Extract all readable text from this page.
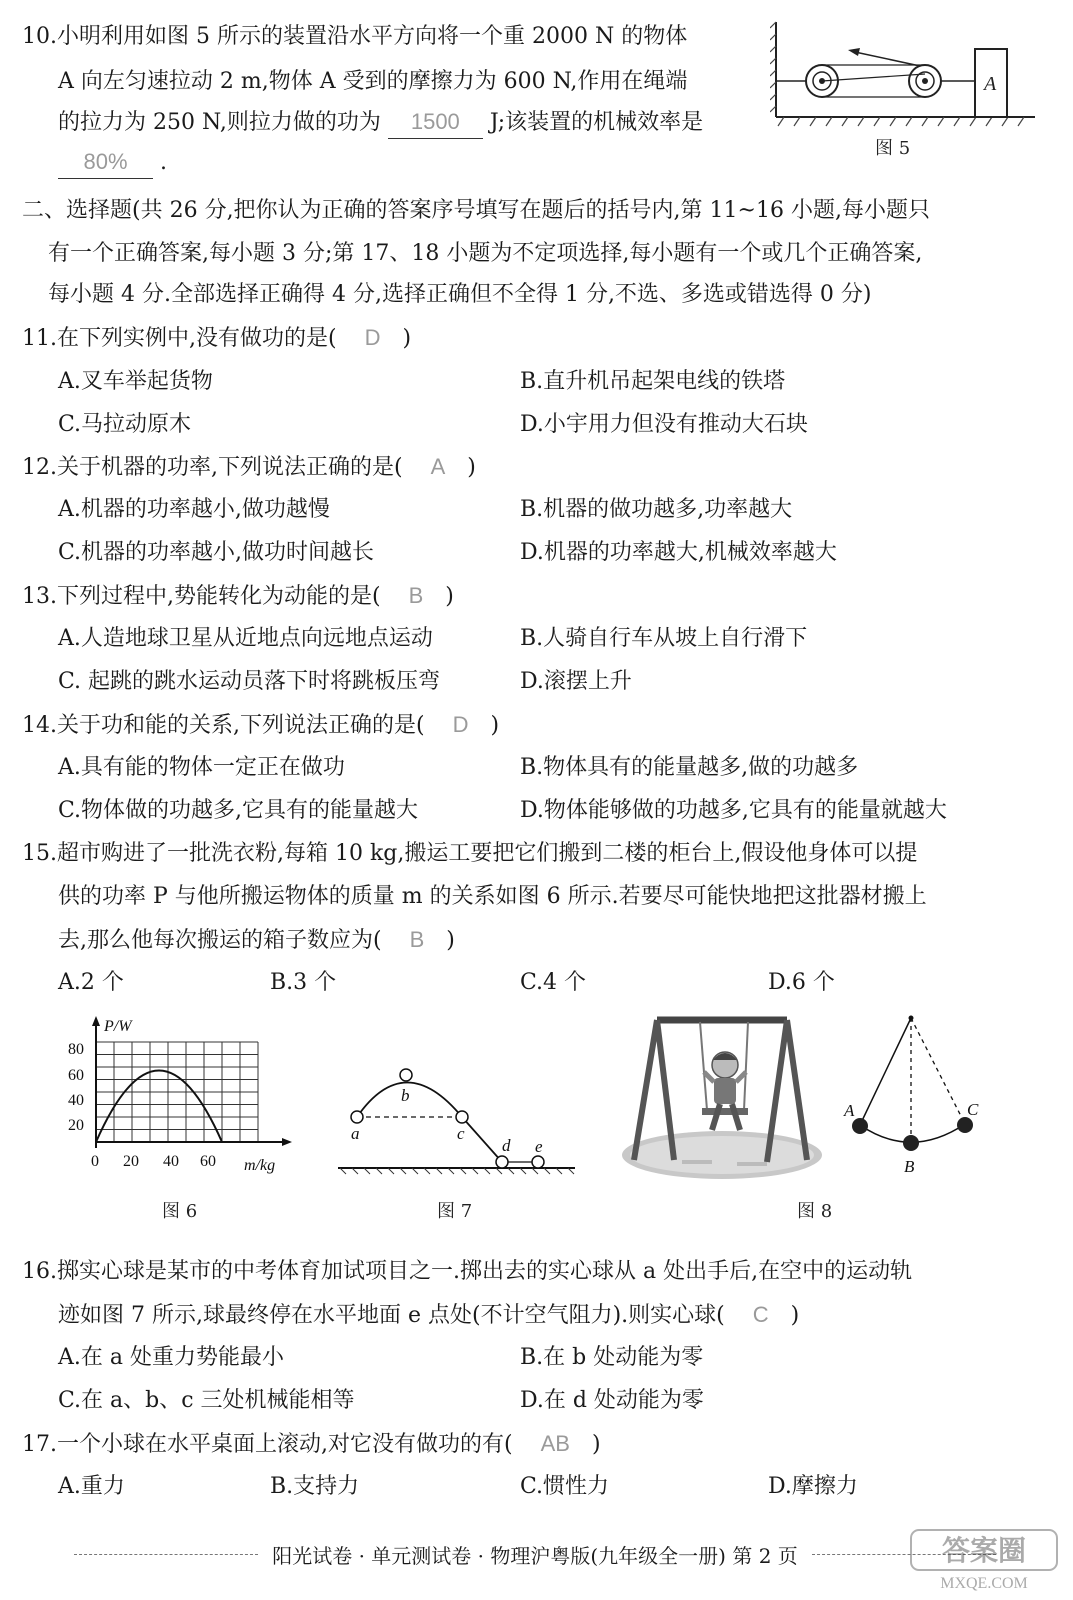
10.小明利用如图 5 所示的装置沿水平方向将一个重 2000 N 的物体
A 向左匀速拉动 2 m,物体 A 受到的摩擦力为 600 N,作用在绳端
的拉力为 250 N,则拉力做的功为 1500 J;该装置的机械效率是
80% .
A
图 5
二、选择题(共 26 分,把你认为正确的答案序号填写在题后的括号内,第 11~16 小题,每小题只
有一个正确答案,每小题 3 分;第 17、18 小题为不定项选择,每小题有一个或几个正确答案,
每小题 4 分.全部选择正确得 4 分,选择正确但不全得 1 分,不选、多选或错选得 0 分)
11.在下列实例中,没有做功的是( D )
A.叉车举起货物	B.直升机吊起架电线的铁塔
C.马拉动原木	D.小宇用力但没有推动大石块
12.关于机器的功率,下列说法正确的是( A )
A.机器的功率越小,做功越慢	B.机器的做功越多,功率越大
C.机器的功率越小,做功时间越长	D.机器的功率越大,机械效率越大
13.下列过程中,势能转化为动能的是( B )
A.人造地球卫星从近地点向远地点运动	B.人骑自行车从坡上自行滑下
C. 起跳的跳水运动员落下时将跳板压弯	D.滚摆上升
14.关于功和能的关系,下列说法正确的是( D )
A.具有能的物体一定正在做功	B.物体具有的能量越多,做的功越多
C.物体做的功越多,它具有的能量越大	D.物体能够做的功越多,它具有的能量就越大
15.超市购进了一批洗衣粉,每箱 10 kg,搬运工要把它们搬到二楼的柜台上,假设他身体可以提
供的功率 P 与他所搬运物体的质量 m 的关系如图 6 所示.若要尽可能快地把这批器材搬上
去,那么他每次搬运的箱子数应为( B )
A.2 个	B.3 个	C.4 个	D.6 个
P/W
80
60
40
20
0 20 40 60 m/kg
图 6
a
b
c
d e
图 7
A
B
C
图 8
16.掷实心球是某市的中考体育加试项目之一.掷出去的实心球从 a 处出手后,在空中的运动轨
迹如图 7 所示,球最终停在水平地面 e 点处(不计空气阻力).则实心球( C )
A.在 a 处重力势能最小	B.在 b 处动能为零
C.在 a、b、c 三处机械能相等	D.在 d 处动能为零
17.一个小球在水平桌面上滚动,对它没有做功的有( AB )
A.重力	B.支持力	C.惯性力	D.摩擦力
阳光试卷 · 单元测试卷 · 物理沪粤版(九年级全一册) 第 2 页	答案圈
MXQE.COM
